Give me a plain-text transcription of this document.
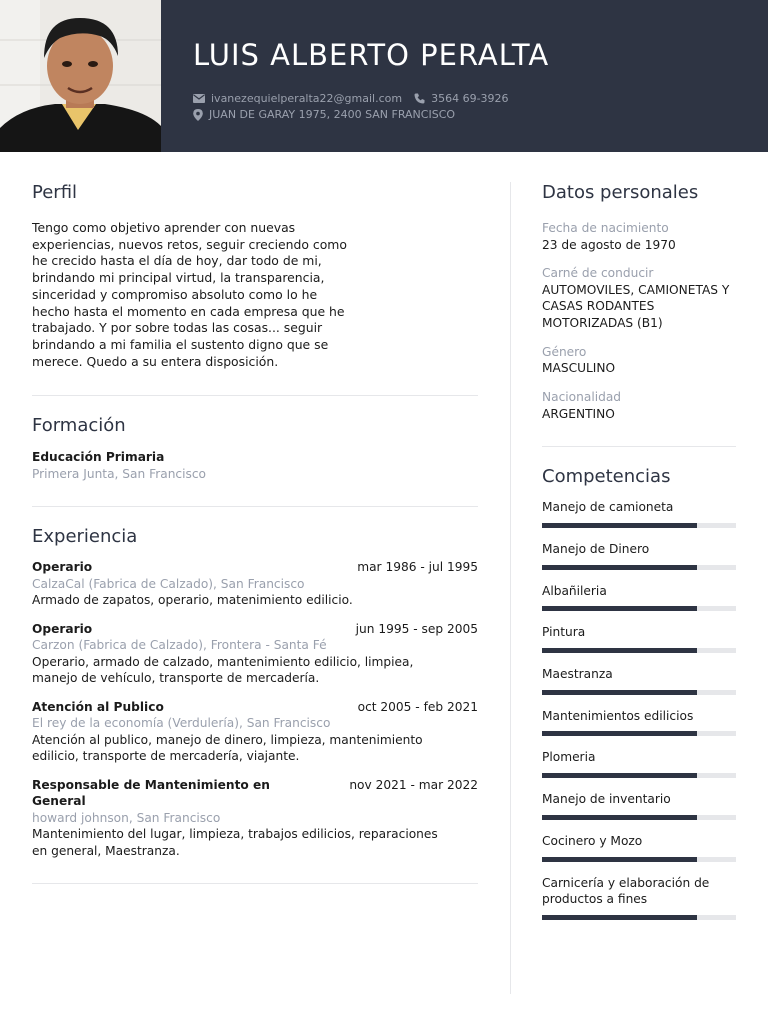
LUIS ALBERTO PERALTA
ivanezequielperalta22@gmail.com	3564 69-3926
JUAN DE GARAY 1975, 2400 SAN FRANCISCO
Perfil

Tengo como objetivo aprender con nuevas
experiencias, nuevos retos, seguir creciendo como
he crecido hasta el día de hoy, dar todo de mi,
brindando mi principal virtud, la transparencia,
sinceridad y compromiso absoluto como lo he
hecho hasta el momento en cada empresa que he
trabajado. Y por sobre todas las cosas... seguir
brindando a mi familia el sustento digno que se
merece. Quedo a su entera disposición.

Formación
Educación Primaria
Primera Junta, San Francisco
Experiencia
Operario	mar 1986 - jul 1995
CalzaCal (Fabrica de Calzado), San Francisco
Armado de zapatos, operario, matenimiento edilicio.
Operario	jun 1995 - sep 2005
Carzon (Fabrica de Calzado), Frontera - Santa Fé
Operario, armado de calzado, mantenimiento edilicio, limpiea,
manejo de vehículo, transporte de mercadería.
Atención al Publico	oct 2005 - feb 2021
El rey de la economía (Verdulería), San Francisco
Atención al publico, manejo de dinero, limpieza, mantenimiento
edilicio, transporte de mercadería, viajante.
Responsable de Mantenimiento en General
nov 2021 - mar 2022
howard johnson, San Francisco
Mantenimiento del lugar, limpieza, trabajos edilicios, reparaciones
en general, Maestranza.
Datos personales
Fecha de nacimiento
23 de agosto de 1970
Carné de conducir
AUTOMOVILES, CAMIONETAS Y
CASAS RODANTES
MOTORIZADAS (B1)
Género
MASCULINO
Nacionalidad
ARGENTINO
Competencias
Manejo de camioneta
Manejo de Dinero
Albañileria
Pintura
Maestranza
Mantenimientos edilicios
Plomeria
Manejo de inventario
Cocinero y Mozo
Carnicería y elaboración de
productos a fines
